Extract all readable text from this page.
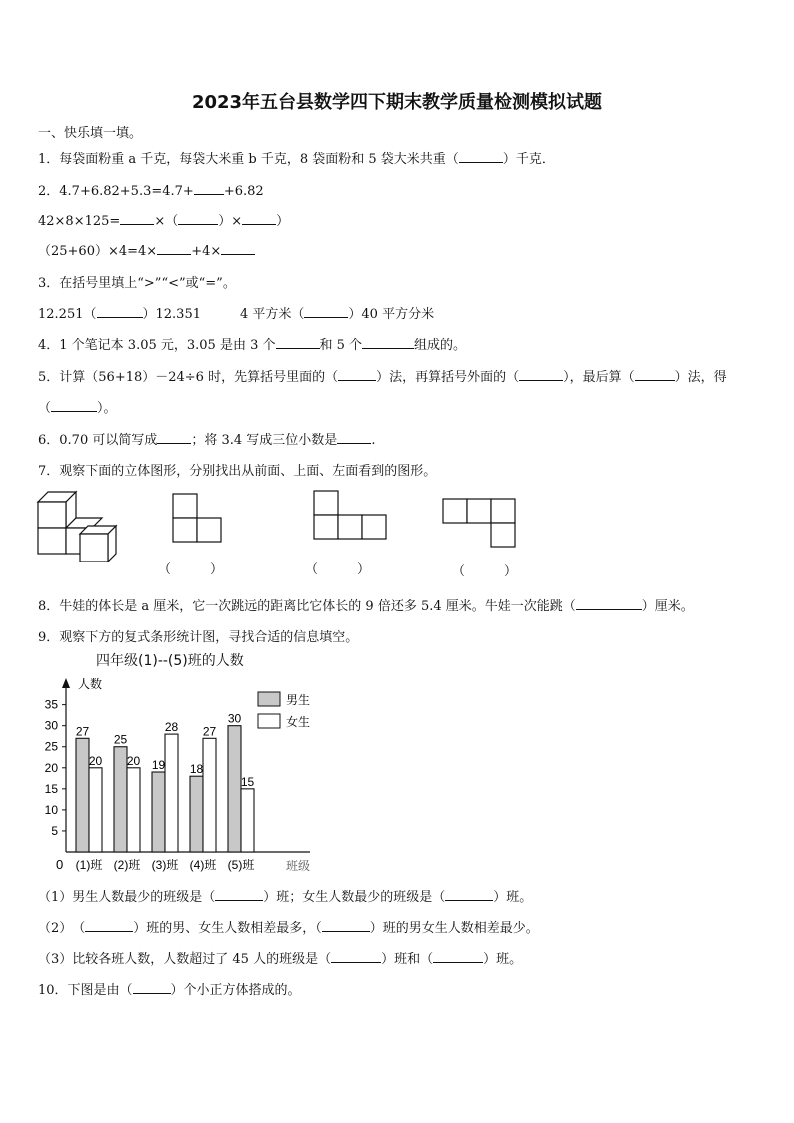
2023年五台县数学四下期末教学质量检测模拟试题
一、快乐填一填。
1．每袋面粉重 a 千克，每袋大米重 b 千克，8 袋面粉和 5 袋大米共重（	）千克．
2．4.7+6.82+5.3=4.7+ +6.82
42×8×125=	×（	）×	）
（25+60）×4=4×	+4×
3．在括号里填上“>”“<”或“=”。
12.251（	）12.351	4 平方米（	）40 平方分米
4．1 个笔记本 3.05 元，3.05 是由 3 个	和 5 个	组成的。
5．计算（56+18）－24÷6 时，先算括号里面的（	）法，再算括号外面的（	），最后算（	）法，得
（	）。
6．0.70 可以简写成	；将 3.4 写成三位小数是	.
7．观察下面的立体图形，分别找出从前面、上面、左面看到的图形。
（　　　）	（　　　）	（　　　）
8．牛娃的体长是 a 厘米，它一次跳远的距离比它体长的 9 倍还多 5.4 厘米。牛娃一次能跳（	）厘米。
9．观察下方的复式条形统计图，寻找合适的信息填空。
四年级(1)--(5)班的人数
人数
班级
0
5
10
15
20
25
30
35
27
20
(1)班
25
20
(2)班
19
28
(3)班
18
27
(4)班
30
15
(5)班
男生
女生
（1）男生人数最少的班级是（	）班；女生人数最少的班级是（	）班。
（2）　（	）班的男、女生人数相差最多，（	）班的男女生人数相差最少。
（3）比较各班人数，人数超过了 45 人的班级是（	）班和（	）班。
10．下图是由（	）个小正方体搭成的。
